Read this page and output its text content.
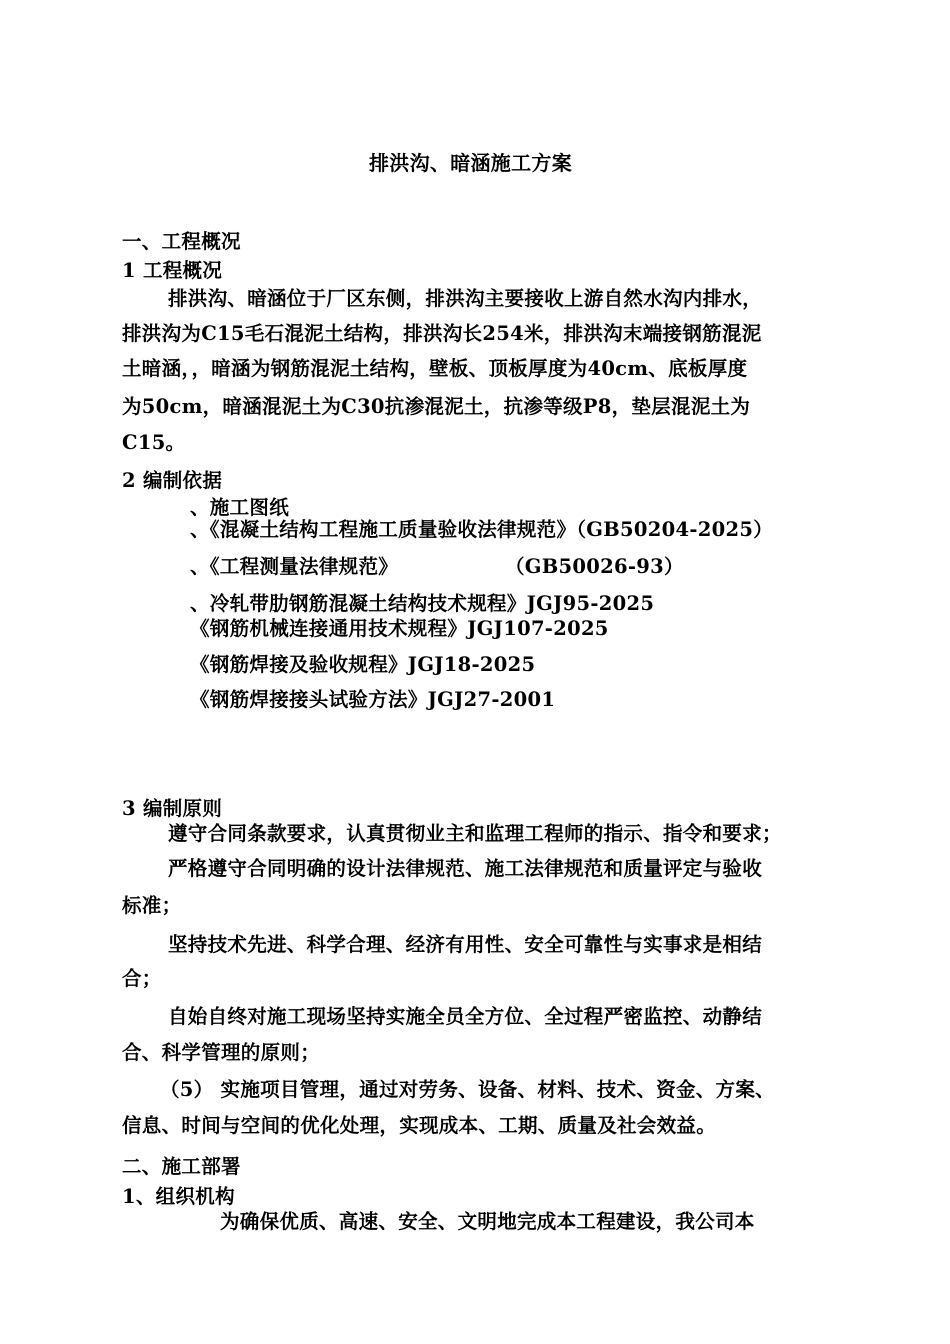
排洪沟、暗涵施工方案
一、工程概况
1 工程概况
排洪沟、暗涵位于厂区东侧，排洪沟主要接收上游自然水沟内排水，
排洪沟为C15毛石混泥土结构，排洪沟长254米，排洪沟末端接钢筋混泥
土暗涵，，暗涵为钢筋混泥土结构，壁板、顶板厚度为40cm、底板厚度
为50cm，暗涵混泥土为C30抗渗混泥土，抗渗等级P8，垫层混泥土为
C15。
2 编制依据
、施工图纸
、《混凝土结构工程施工质量验收法律规范》（GB50204-2025）
、《工程测量法律规范》	（GB50026-93）
、冷轧带肋钢筋混凝土结构技术规程》JGJ95-2025
《钢筋机械连接通用技术规程》JGJ107-2025
《钢筋焊接及验收规程》JGJ18-2025
《钢筋焊接接头试验方法》JGJ27-2001
3 编制原则
遵守合同条款要求，认真贯彻业主和监理工程师的指示、指令和要求；
严格遵守合同明确的设计法律规范、施工法律规范和质量评定与验收
标准；
坚持技术先进、科学合理、经济有用性、安全可靠性与实事求是相结
合；
自始自终对施工现场坚持实施全员全方位、全过程严密监控、动静结
合、科学管理的原则；
（5） 实施项目管理，通过对劳务、设备、材料、技术、资金、方案、
信息、时间与空间的优化处理，实现成本、工期、质量及社会效益。
二、施工部署
1、组织机构
为确保优质、高速、安全、文明地完成本工程建设，我公司本
